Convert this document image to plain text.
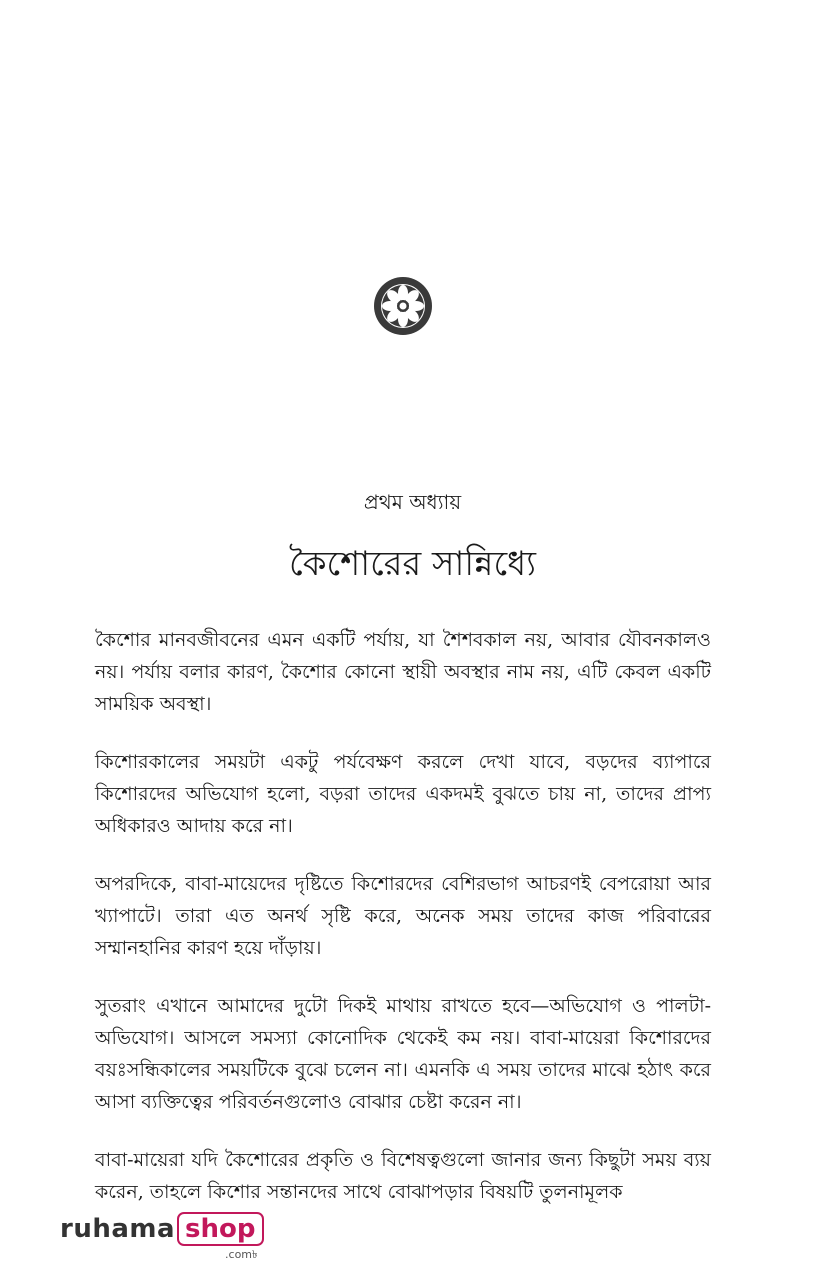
প্রথম অধ্যায়
কৈশোরের সান্নিধ্যে

কৈশোর মানবজীবনের এমন একটি পর্যায়, যা শৈশবকাল নয়, আবার যৌবনকালও নয়। পর্যায় বলার কারণ, কৈশোর কোনো স্থায়ী অবস্থার নাম নয়, এটি কেবল একটি সাময়িক অবস্থা।

কিশোরকালের সময়টা একটু পর্যবেক্ষণ করলে দেখা যাবে, বড়দের ব্যাপারে কিশোরদের অভিযোগ হলো, বড়রা তাদের একদমই বুঝতে চায় না, তাদের প্রাপ্য অধিকারও আদায় করে না।

অপরদিকে, বাবা-মায়েদের দৃষ্টিতে কিশোরদের বেশিরভাগ আচরণই বেপরোয়া আর খ্যাপাটে। তারা এত অনর্থ সৃষ্টি করে, অনেক সময় তাদের কাজ পরিবারের সম্মানহানির কারণ হয়ে দাঁড়ায়।

সুতরাং এখানে আমাদের দুটো দিকই মাথায় রাখতে হবে—অভিযোগ ও পালটা-অভিযোগ। আসলে সমস্যা কোনোদিক থেকেই কম নয়। বাবা-মায়েরা কিশোরদের বয়ঃসন্ধিকালের সময়টিকে বুঝে চলেন না। এমনকি এ সময় তাদের মাঝে হঠাৎ করে আসা ব্যক্তিত্বের পরিবর্তনগুলোও বোঝার চেষ্টা করেন না।

বাবা-মায়েরা যদি কৈশোরের প্রকৃতি ও বিশেষত্বগুলো জানার জন্য কিছুটা সময় ব্যয় করেন, তাহলে কিশোর সন্তানদের সাথে বোঝাপড়ার বিষয়টি তুলনামূলক

ruhama shop
.com৳
